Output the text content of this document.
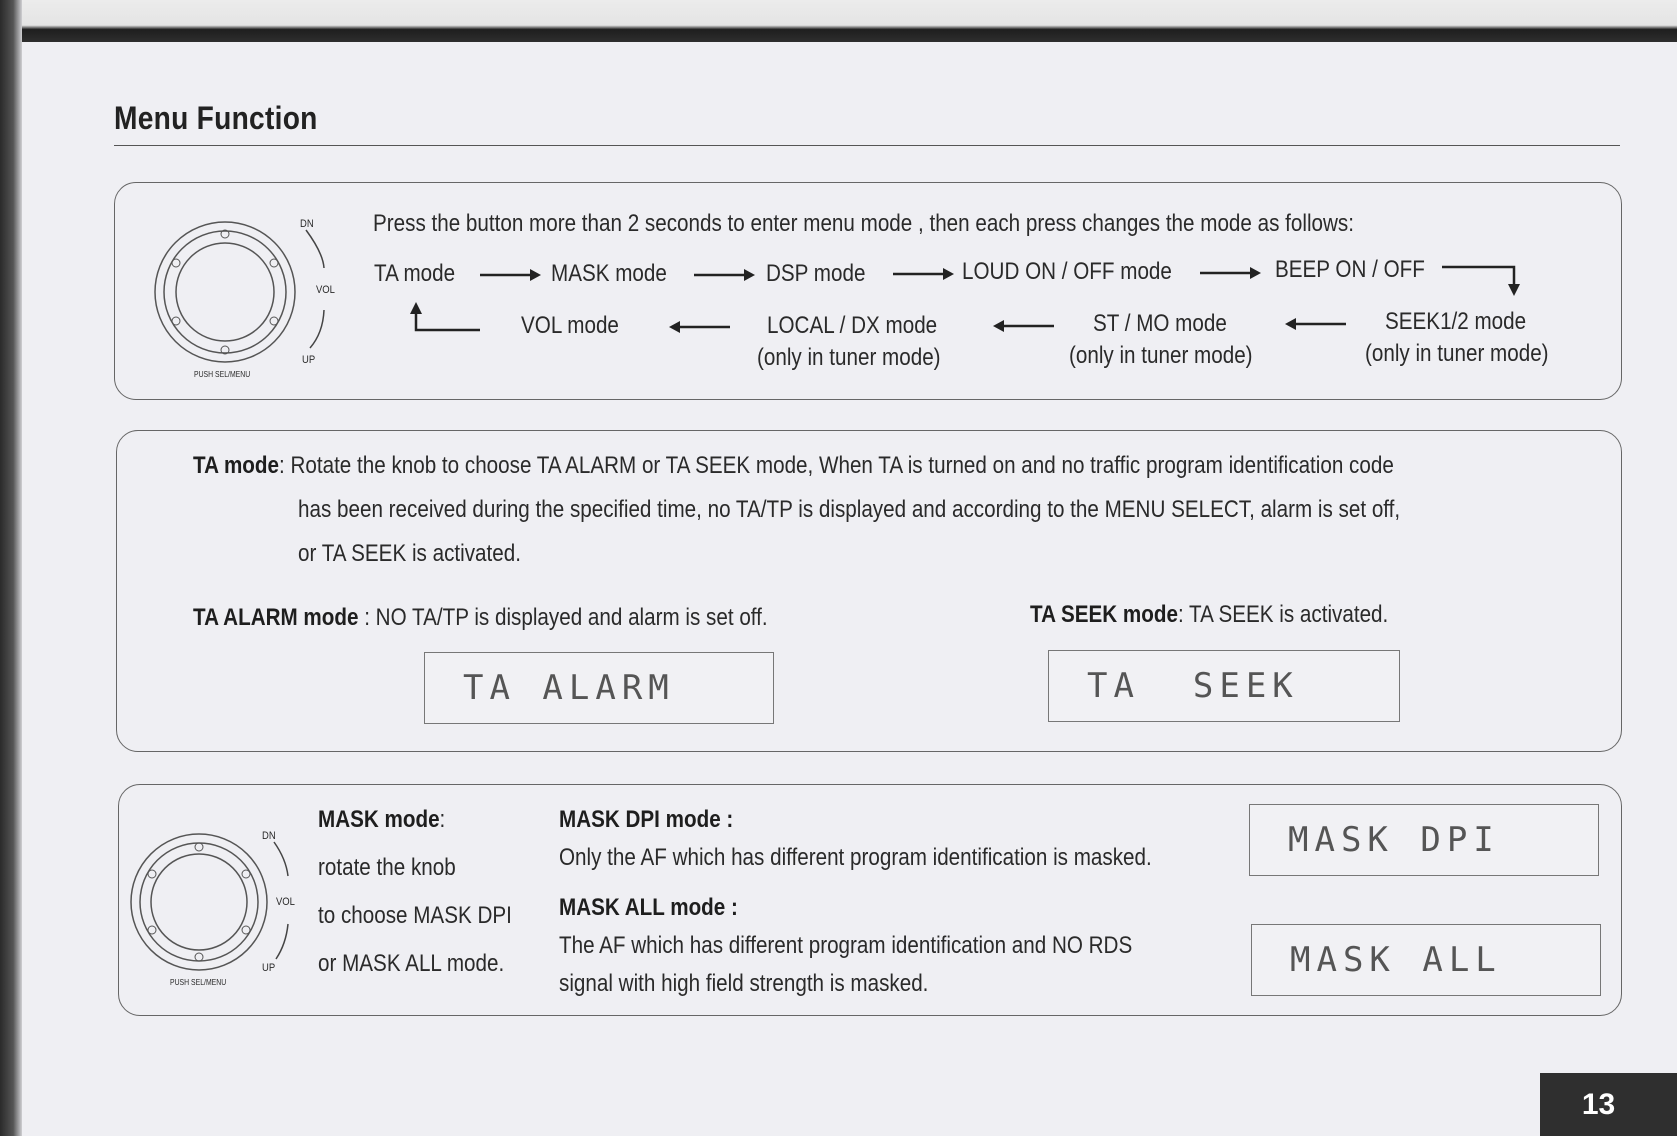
Menu Function
DN
VOL
UP
PUSH SEL/MENU
Press the button more than 2 seconds to enter menu mode , then each press changes the mode as follows:
TA mode	MASK mode	DSP mode	LOUD ON / OFF mode	BEEP ON / OFF
VOL mode	LOCAL / DX mode
(only in tuner mode)
ST / MO mode
(only in tuner mode)
SEEK1/2 mode
(only in tuner mode)
TA mode: Rotate the knob to choose TA ALARM or TA SEEK mode, When TA is turned on and no traffic program identification code
has been received during the specified time, no TA/TP is displayed and according to the MENU SELECT, alarm is set off,
or TA SEEK is activated.
TA ALARM mode : NO TA/TP is displayed and alarm is set off.	TA SEEK mode: TA SEEK is activated.
TA ALARM	TA  SEEK
DN
VOL
UP
PUSH SEL/MENU
MASK mode:
rotate the knob
to choose MASK DPI
or MASK ALL mode.
MASK DPI mode :
Only the AF which has different program identification is masked.
MASK ALL mode :
The AF which has different program identification and NO RDS
signal with high field strength is masked.
MASK DPI
MASK ALL
13
